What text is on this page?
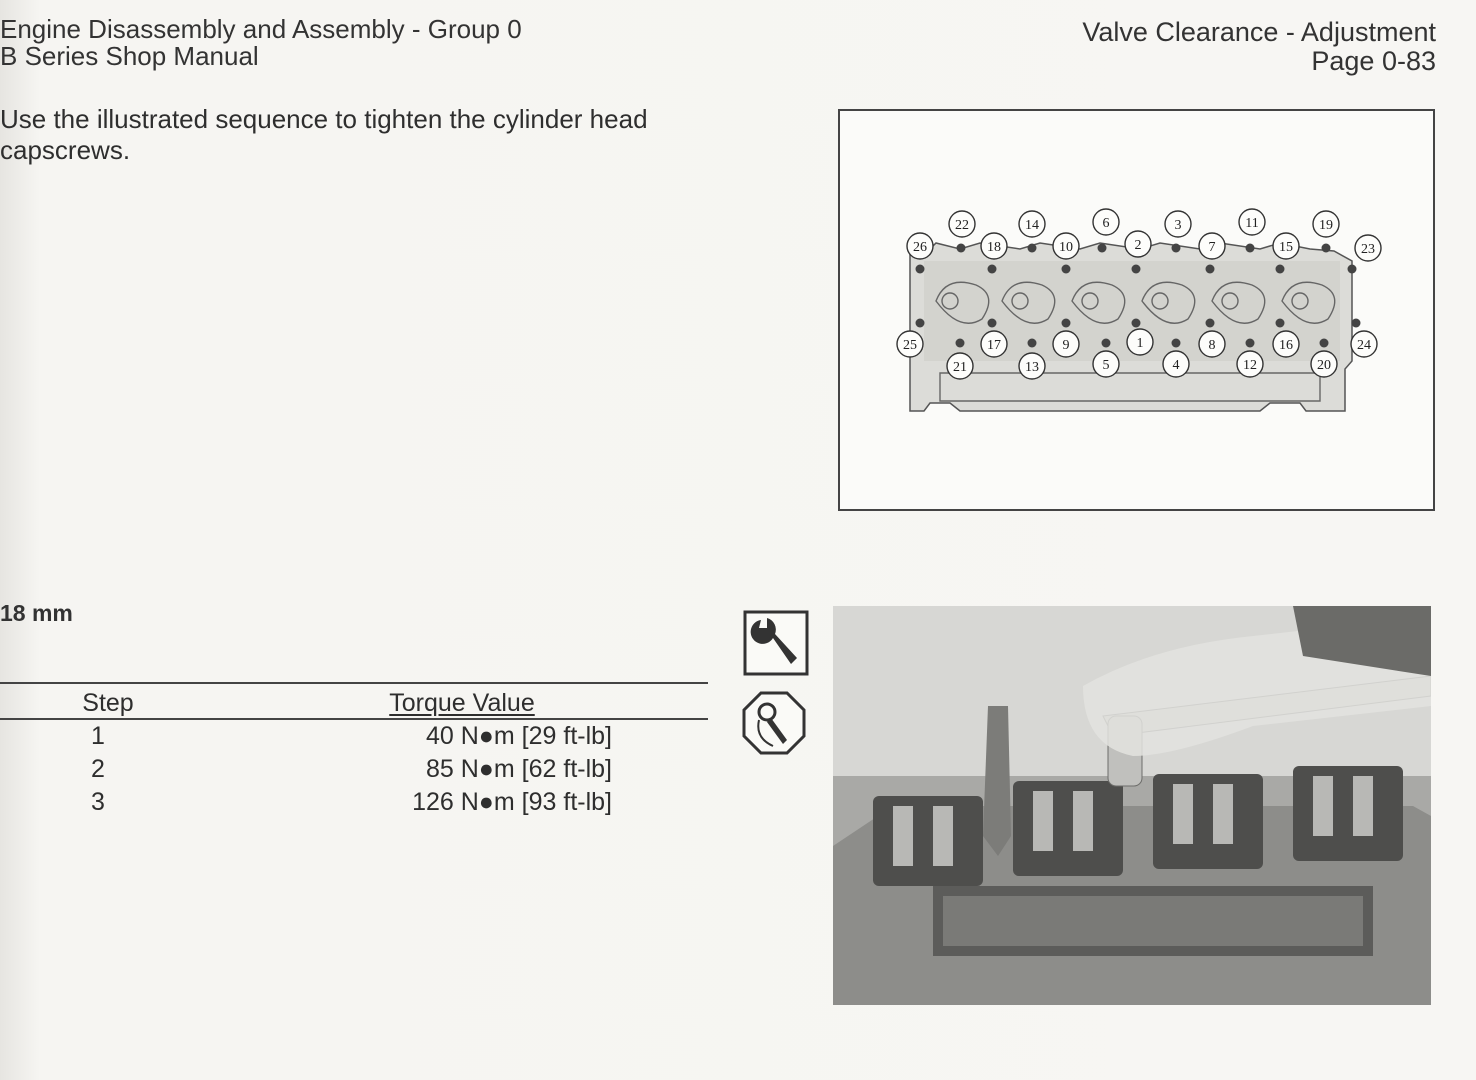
Engine Disassembly and Assembly - Group 0
B Series Shop Manual
Valve Clearance - Adjustment
Page 0-83
Use the illustrated sequence to tighten the cylinder head capscrews.
22	14	6	3	11	19
26	18	10	2	7	15	23
25	17	9	1	8	16	24
21	13	5	4	12	20
18 mm
Step	Torque Value
1	40 N●m [29 ft-lb]
2	85 N●m [62 ft-lb]
3	126 N●m [93 ft-lb]
